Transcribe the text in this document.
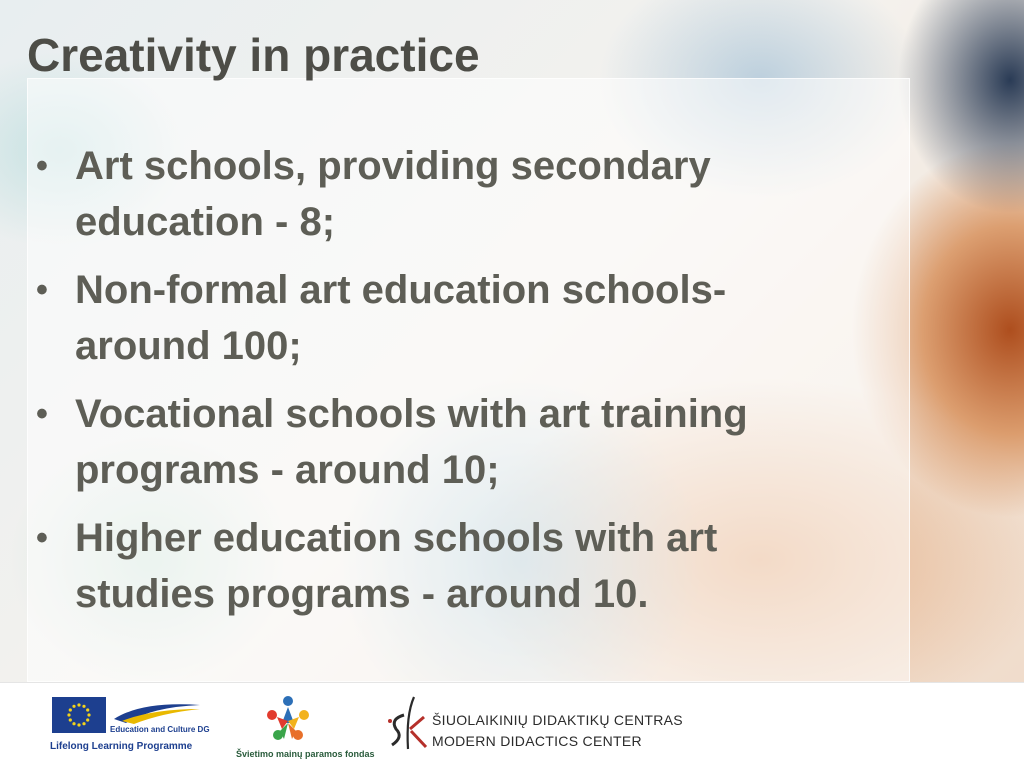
Creativity in practice
• Art schools, providing secondary education - 8;
• Non-formal art education schools- around 100;
• Vocational schools with art training programs - around 10;
• Higher education schools with art studies programs - around 10.
Education and Culture DG
Lifelong Learning Programme
Švietimo mainų paramos fondas
ŠIUOLAIKINIŲ DIDAKTIKŲ CENTRAS
MODERN DIDACTICS CENTER
